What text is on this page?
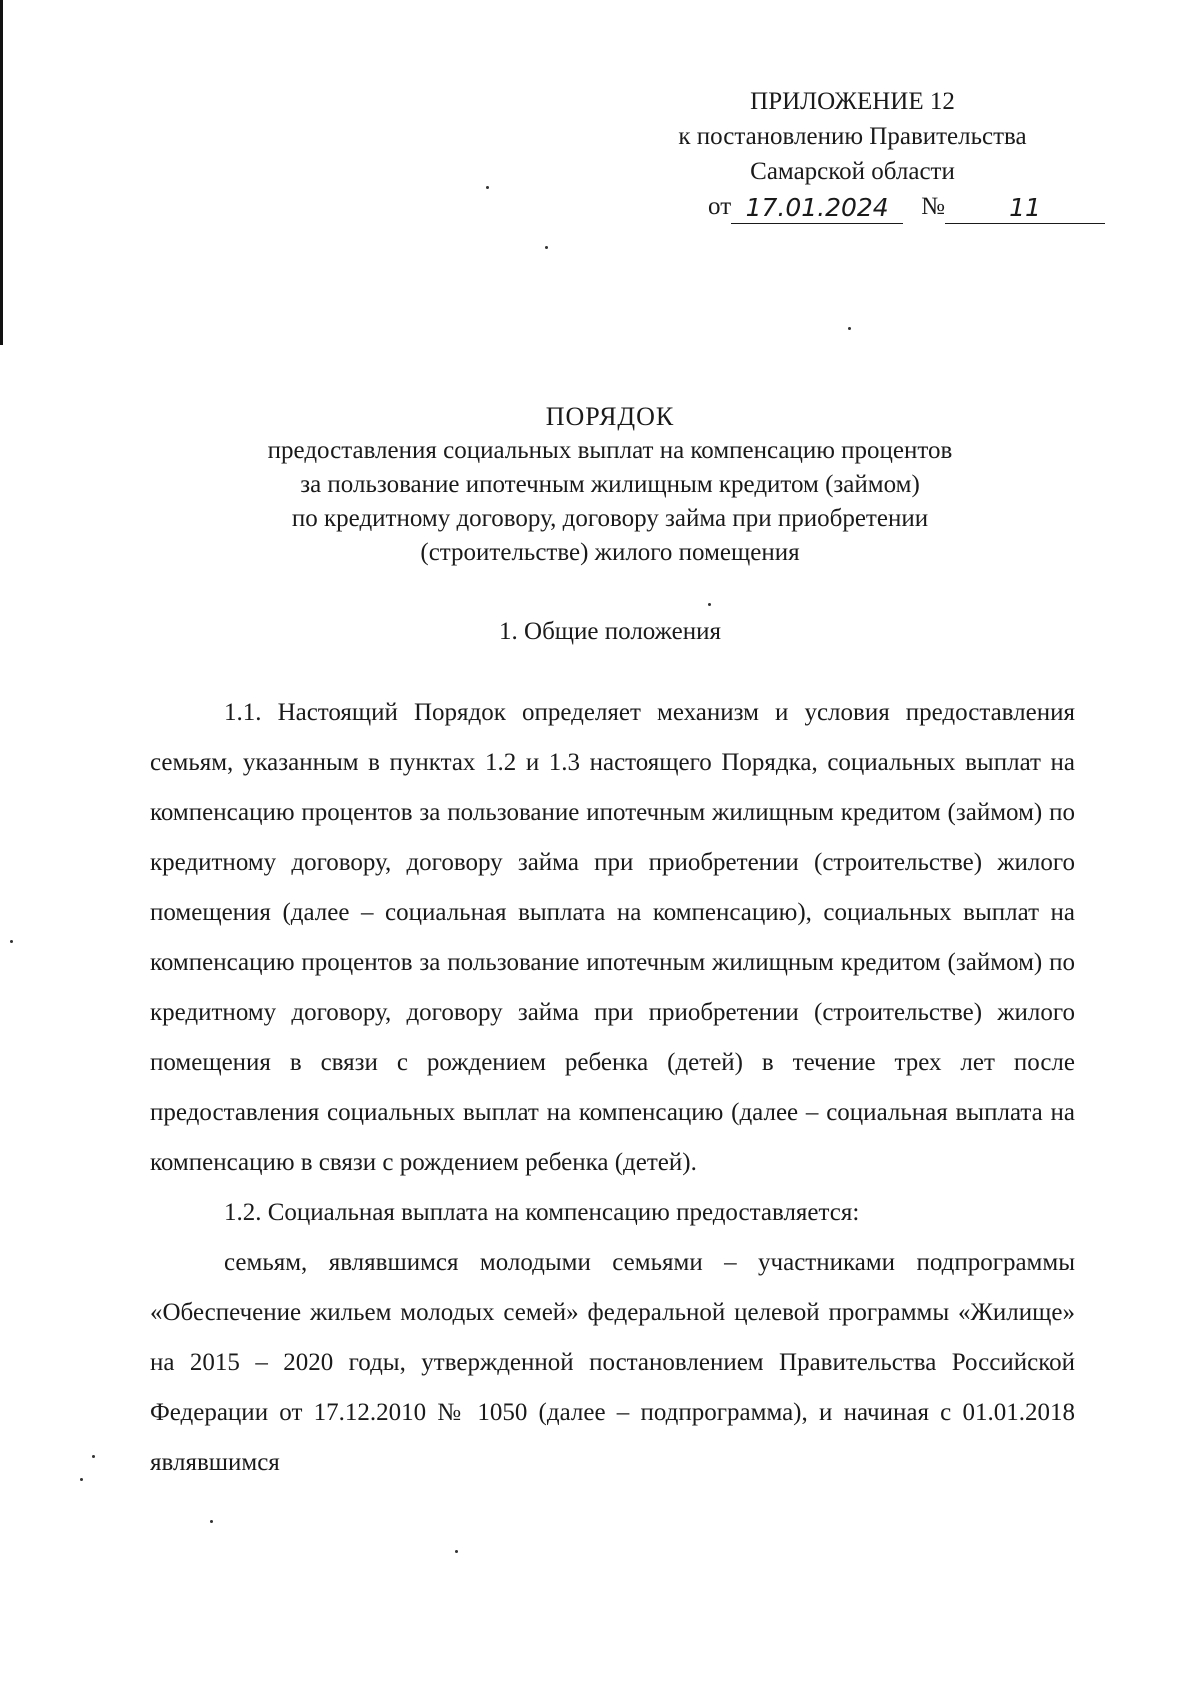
ПРИЛОЖЕНИЕ 12
к постановлению Правительства
Самарской области
от 17.01.2024	№	11
ПОРЯДОК
предоставления социальных выплат на компенсацию процентов
за пользование ипотечным жилищным кредитом (займом)
по кредитному договору, договору займа при приобретении
(строительстве) жилого помещения
1. Общие положения

1.1. Настоящий Порядок определяет механизм и условия предоставления семьям, указанным в пунктах 1.2 и 1.3 настоящего Порядка, социальных выплат на компенсацию процентов за пользование ипотечным жилищным кредитом (займом) по кредитному договору, договору займа при приобретении (строительстве) жилого помещения (далее – социальная выплата на компенсацию), социальных выплат на компенсацию процентов за пользование ипотечным жилищным кредитом (займом) по кредитному договору, договору займа при приобретении (строительстве) жилого помещения в связи с рождением ребенка (детей) в течение трех лет после предоставления социальных выплат на компенсацию (далее – социальная выплата на компенсацию в связи с рождением ребенка (детей).

1.2. Социальная выплата на компенсацию предоставляется:

семьям, являвшимся молодыми семьями – участниками подпрограммы «Обеспечение жильем молодых семей» федеральной целевой программы «Жилище» на 2015 – 2020 годы, утвержденной постановлением Правительства Российской Федерации от 17.12.2010 № 1050 (далее – подпрограмма), и начиная с 01.01.2018 являвшимся
